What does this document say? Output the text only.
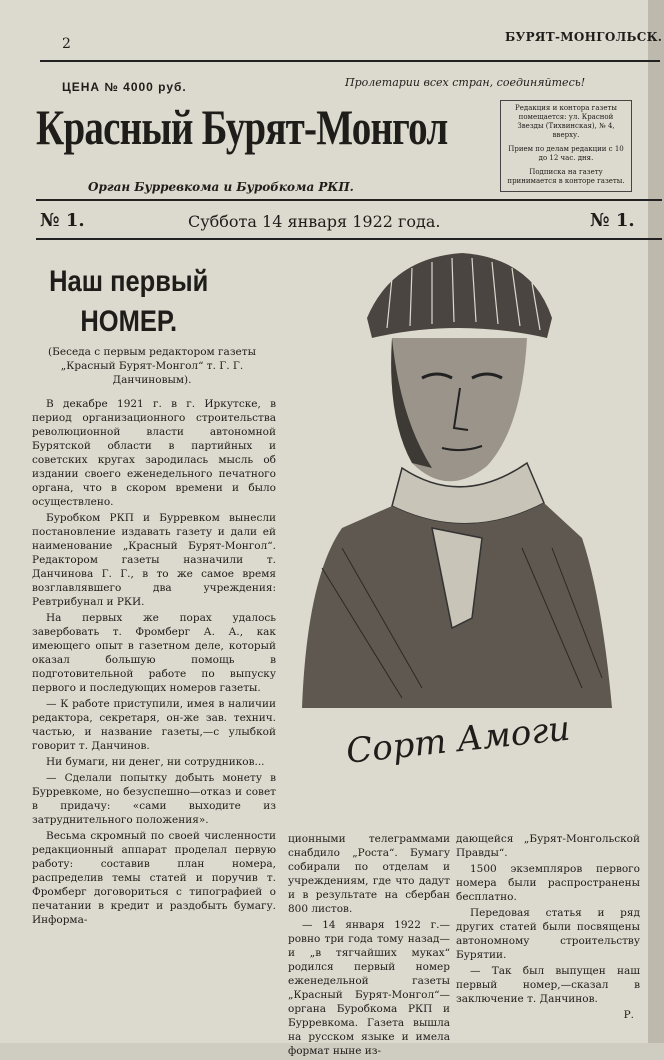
2	БУРЯТ-МОНГОЛЬСК.
ЦЕНА № 4000 руб.	Пролетарии всех стран, соединяйтесь!
Красный Бурят-Монгол
Орган Бурревкома и Буробкома РКП.

Редакция и контора газеты помещается: ул. Красной Звезды (Тихвинская), № 4, вверху.

Прием по делам редакции с 10 до 12 час. дня.

Подписка на газету принимается в конторе газеты.

№ 1.	Суббота 14 января 1922 года.	№ 1.
Наш первый
НОМЕР.
(Беседа с первым редактором газеты „Красный Бурят-Монгол“ т. Г. Г. Данчиновым).

В декабре 1921 г. в г. Иркутске, в период организационного строительства революционной власти автономной Бурятской области в партийных и советских кругах зародилась мысль об издании своего еженедельного печатного органа, что в скором времени и было осуществлено.

Буробком РКП и Бурревком вынесли постановление издавать газету и дали ей наименование „Красный Бурят-Монгол“. Редактором газеты назначили т. Данчинова Г. Г., в то же самое время возглавлявшего два учреждения: Ревтрибунал и РКИ.

На первых же порах удалось завербовать т. Фромберг А. А., как имеющего опыт в газетном деле, который оказал большую помощь в подготовительной работе по выпуску первого и последующих номеров газеты.

— К работе приступили, имея в наличии редактора, секретаря, он-же зав. технич. частью, и название газеты,—с улыбкой говорит т. Данчинов.

Ни бумаги, ни денег, ни сотрудников...

— Сделали попытку добыть монету в Бурревкоме, но безуспешно—отказ и совет в придачу: «сами выходите из затруднительного положения».

Весьма скромный по своей численности редакционный аппарат проделал первую работу: составив план номера, распределив темы статей и поручив т. Фромберг договориться с типографией о печатании в кредит и раздобыть бумагу. Информа-

Сорт Амоги

ционными телеграммами снабдило „Роста“. Бумагу собирали по отделам и учреждениям, где что дадут и в результате на сбербан 800 листов.

— 14 января 1922 г.—ровно три года тому назад—и „в тягчайших муках“ родился первый номер еженедельной газеты „Красный Бурят-Монгол“—органа Буробкома РКП и Бурревкома. Газета вышла на русском языке и имела формат ныне из-

дающейся „Бурят-Монгольской Правды“.

1500 экземпляров первого номера были распространены бесплатно.

Передовая статья и ряд других статей были посвящены автономному строительству Бурятии.

— Так был выпущен наш первый номер,—сказал в заключение т. Данчинов.

Р.
